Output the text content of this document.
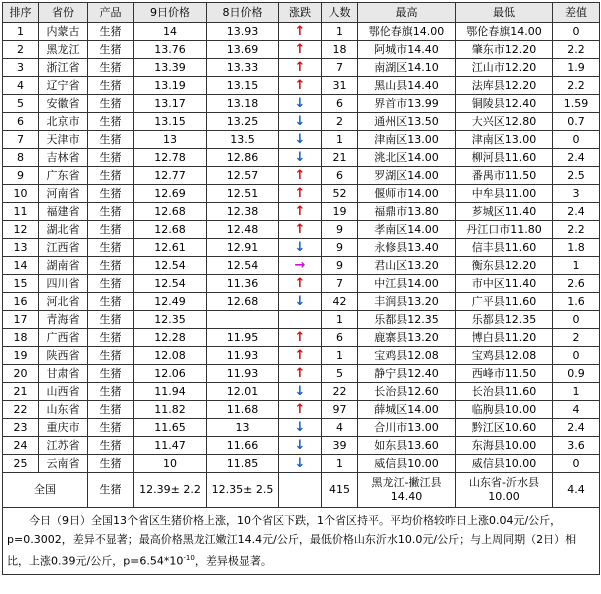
排序	省份	产品	9日价格	8日价格	涨跌	人数	最高	最低	差值
1	内蒙古	生猪	14	13.93	↑	1	鄂伦春旗14.00	鄂伦春旗14.00	0
2	黑龙江	生猪	13.76	13.69	↑	18	阿城市14.40	肇东市12.20	2.2
3	浙江省	生猪	13.39	13.33	↑	7	南湖区14.10	江山市12.20	1.9
4	辽宁省	生猪	13.19	13.15	↑	31	黑山县14.40	法库县12.20	2.2
5	安徽省	生猪	13.17	13.18	↓	6	界首市13.99	铜陵县12.40	1.59
6	北京市	生猪	13.15	13.25	↓	2	通州区13.50	大兴区12.80	0.7
7	天津市	生猪	13	13.5	↓	1	津南区13.00	津南区13.00	0
8	吉林省	生猪	12.78	12.86	↓	21	洮北区14.00	柳河县11.60	2.4
9	广东省	生猪	12.77	12.57	↑	6	罗湖区14.00	番禺市11.50	2.5
10	河南省	生猪	12.69	12.51	↑	52	偃师市14.00	中牟县11.00	3
11	福建省	生猪	12.68	12.38	↑	19	福鼎市13.80	芗城区11.40	2.4
12	湖北省	生猪	12.68	12.48	↑	9	孝南区14.00	丹江口市11.80	2.2
13	江西省	生猪	12.61	12.91	↓	9	永修县13.40	信丰县11.60	1.8
14	湖南省	生猪	12.54	12.54	→	9	君山区13.20	衡东县12.20	1
15	四川省	生猪	12.54	11.36	↑	7	中江县14.00	市中区11.40	2.6
16	河北省	生猪	12.49	12.68	↓	42	丰润县13.20	广平县11.60	1.6
17	青海省	生猪	12.35			1	乐都县12.35	乐都县12.35	0
18	广西省	生猪	12.28	11.95	↑	6	鹿寨县13.20	博白县11.20	2
19	陕西省	生猪	12.08	11.93	↑	1	宝鸡县12.08	宝鸡县12.08	0
20	甘肃省	生猪	12.06	11.93	↑	5	静宁县12.40	西峰市11.50	0.9
21	山西省	生猪	11.94	12.01	↓	22	长治县12.60	长治县11.60	1
22	山东省	生猪	11.82	11.68	↑	97	薛城区14.00	临朐县10.00	4
23	重庆市	生猪	11.65	13	↓	4	合川市13.00	黔江区10.60	2.4
24	江苏省	生猪	11.47	11.66	↓	39	如东县13.60	东海县10.00	3.6
25	云南省	生猪	10	11.85	↓	1	威信县10.00	威信县10.00	0
全国		生猪	12.39± 2.2	12.35± 2.5		415	黑龙江-撇江县 14.40	山东省-沂水县 10.00	4.4
  今日（9日）全国13个省区生猪价格上涨，10个省区下跌，1个省区持平。平均价格较昨日上涨0.04元/公斤，p=0.3002，差异不显著；最高价格黑龙江嫩江14.4元/公斤，最低价格山东沂水10.0元/公斤；与上周同期（2日）相比，上涨0.39元/公斤，$p=6.54*10^{-10}$，差异极显著。									
